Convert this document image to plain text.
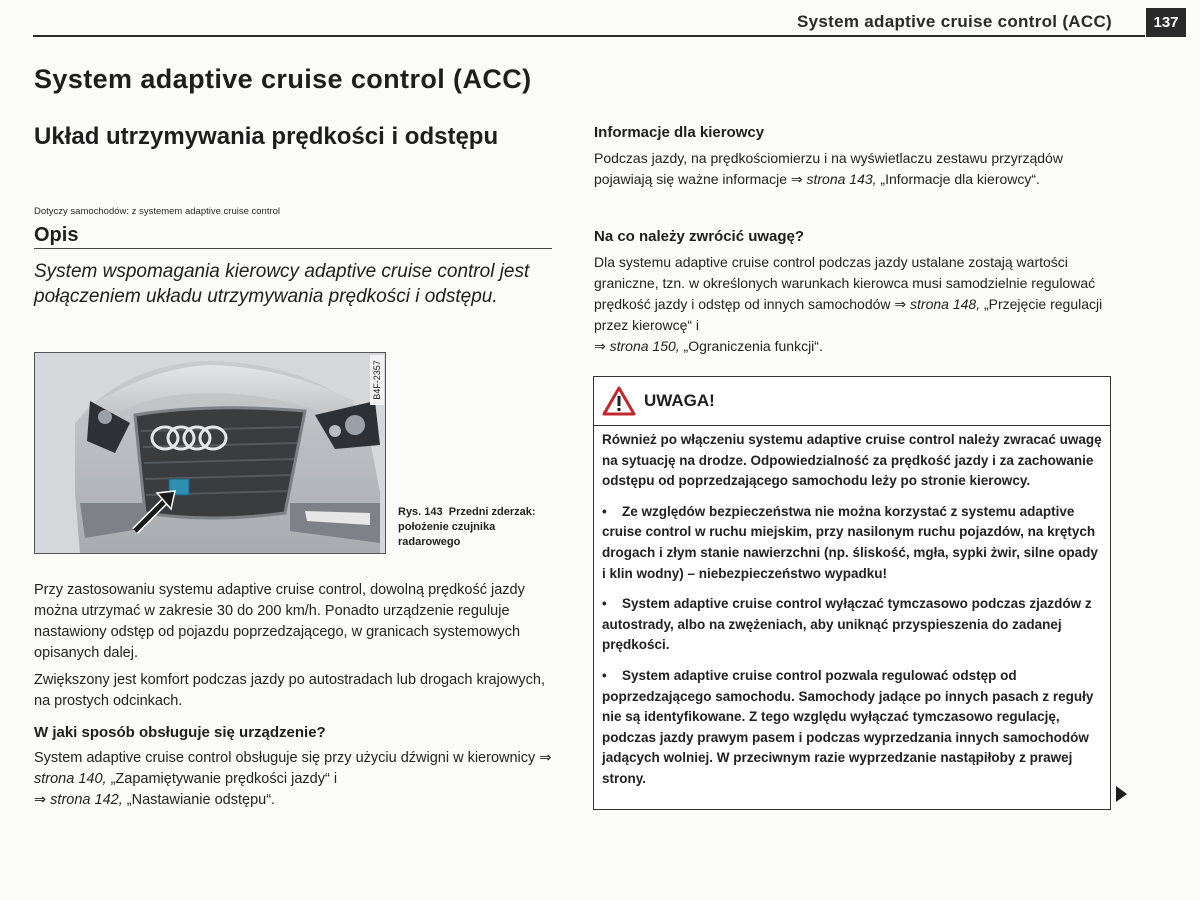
System adaptive cruise control (ACC)	137
System adaptive cruise control (ACC)
Układ utrzymywania prędkości i odstępu
Dotyczy samochodów: z systemem adaptive cruise control
Opis
System wspomagania kierowcy adaptive cruise control jest połączeniem układu utrzymywania prędkości i odstępu.
B4F-2357
Rys. 143  Przedni zderzak: położenie czujnika radarowego

Przy zastosowaniu systemu adaptive cruise control, dowolną prędkość jazdy można utrzymać w zakresie 30 do 200 km/h. Ponadto urządzenie reguluje nastawiony odstęp od pojazdu poprzedzającego, w granicach systemowych opisanych dalej.

Zwiększony jest komfort podczas jazdy po autostradach lub drogach krajowych, na prostych odcinkach.

W jaki sposób obsługuje się urządzenie?

System adaptive cruise control obsługuje się przy użyciu dźwigni w kierownicy ⇒ strona 140, „Zapamiętywanie prędkości jazdy“ i
⇒ strona 142, „Nastawianie odstępu“.

Informacje dla kierowcy

Podczas jazdy, na prędkościomierzu i na wyświetlaczu zestawu przyrządów pojawiają się ważne informacje ⇒ strona 143, „Informacje dla kierowcy“.

Na co należy zwrócić uwagę?

Dla systemu adaptive cruise control podczas jazdy ustalane zostają wartości graniczne, tzn. w określonych warunkach kierowca musi samodzielnie regulować prędkość jazdy i odstęp od innych samochodów ⇒ strona 148, „Przejęcie regulacji przez kierowcę“ i
⇒ strona 150, „Ograniczenia funkcji“.

UWAGA!

Również po włączeniu systemu adaptive cruise control należy zwracać uwagę na sytuację na drodze. Odpowiedzialność za prędkość jazdy i za zachowanie odstępu od poprzedzającego samochodu leży po stronie kierowcy.

• Ze względów bezpieczeństwa nie można korzystać z systemu adaptive cruise control w ruchu miejskim, przy nasilonym ruchu pojazdów, na krętych drogach i złym stanie nawierzchni (np. śliskość, mgła, sypki żwir, silne opady i klin wodny) – niebezpieczeństwo wypadku!

• System adaptive cruise control wyłączać tymczasowo podczas zjazdów z autostrady, albo na zwężeniach, aby uniknąć przyspieszenia do zadanej prędkości.

• System adaptive cruise control pozwala regulować odstęp od poprzedzającego samochodu. Samochody jadące po innych pasach z reguły nie są identyfikowane. Z tego względu wyłączać tymczasowo regulację, podczas jazdy prawym pasem i podczas wyprzedzania innych samochodów jadących wolniej. W przeciwnym razie wyprzedzanie nastąpiłoby z prawej strony.
